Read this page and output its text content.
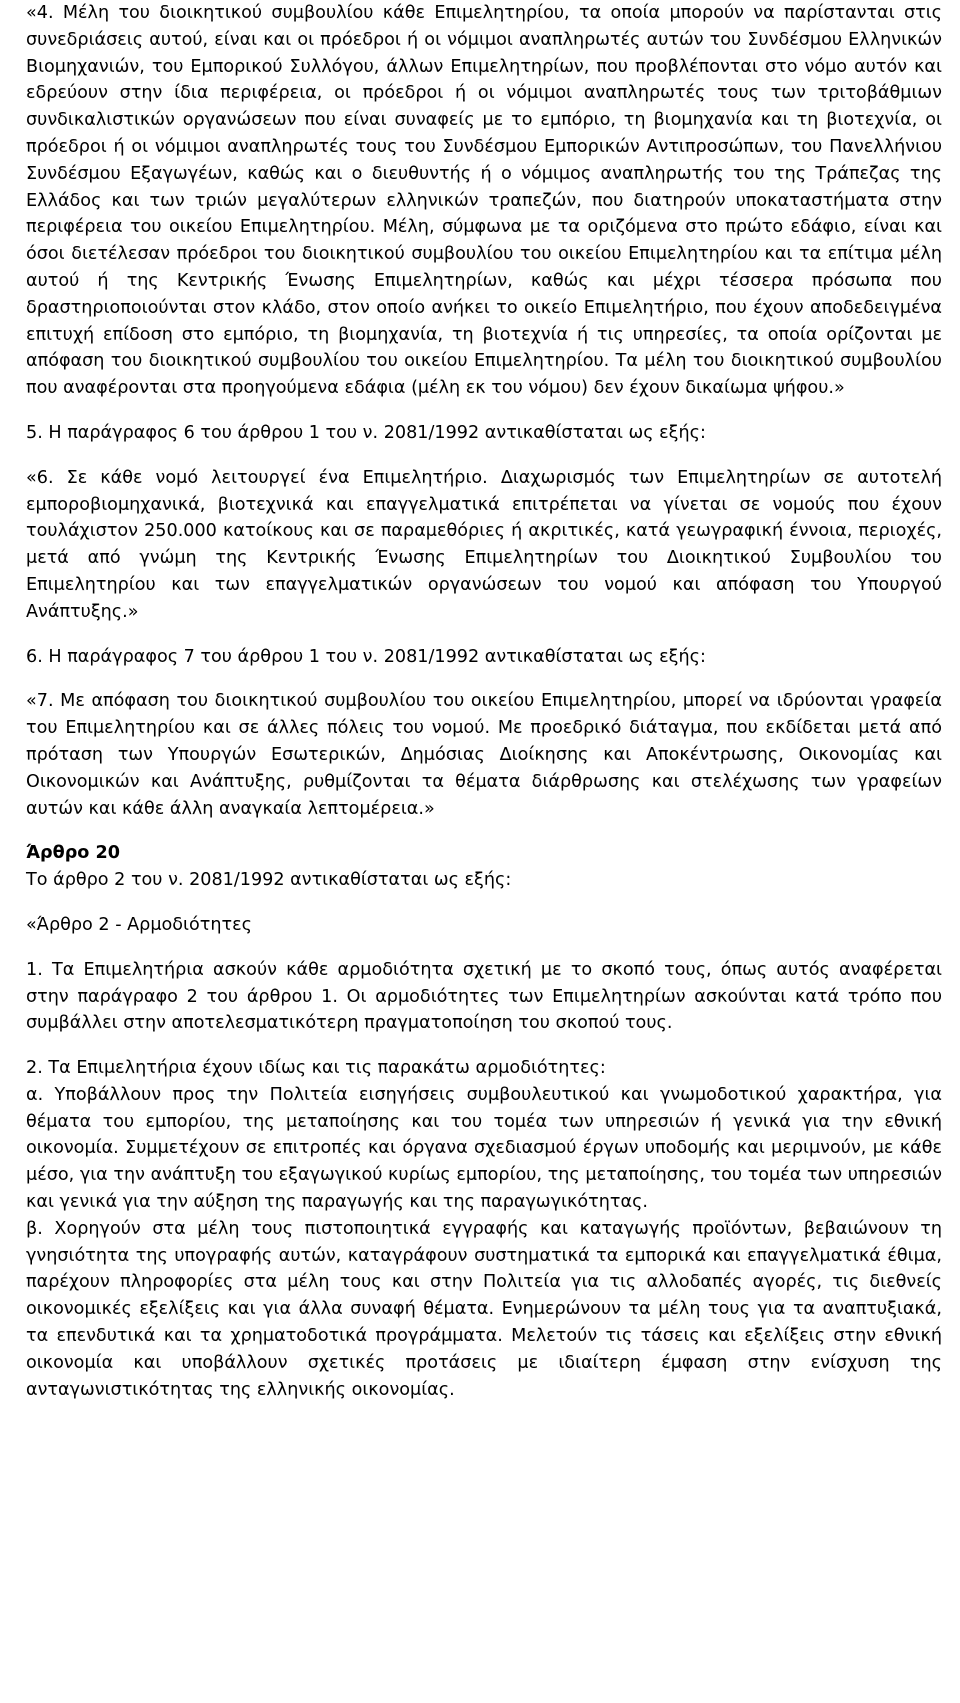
«4. Μέλη του διοικητικού συμβουλίου κάθε Επιμελητηρίου, τα οποία μπορούν να παρίστανται στις συνεδριάσεις αυτού, είναι και οι πρόεδροι ή οι νόμιμοι αναπληρωτές αυτών του Συνδέσμου Ελληνικών Βιομηχανιών, του Εμπορικού Συλλόγου, άλλων Επιμελητηρίων, που προβλέπονται στο νόμο αυτόν και εδρεύουν στην ίδια περιφέρεια, οι πρόεδροι ή οι νόμιμοι αναπληρωτές τους των τριτοβάθμιων συνδικαλιστικών οργανώσεων που είναι συναφείς με το εμπόριο, τη βιομηχανία και τη βιοτεχνία, οι πρόεδροι ή οι νόμιμοι αναπληρωτές τους του Συνδέσμου Εμπορικών Αντιπροσώπων, του Πανελλήνιου Συνδέσμου Εξαγωγέων, καθώς και ο διευθυντής ή ο νόμιμος αναπληρωτής του της Τράπεζας της Ελλάδος και των τριών μεγαλύτερων ελληνικών τραπεζών, που διατηρούν υποκαταστήματα στην περιφέρεια του οικείου Επιμελητηρίου. Μέλη, σύμφωνα με τα οριζόμενα στο πρώτο εδάφιο, είναι και όσοι διετέλεσαν πρόεδροι του διοικητικού συμβουλίου του οικείου Επιμελητηρίου και τα επίτιμα μέλη αυτού ή της Κεντρικής Ένωσης Επιμελητηρίων, καθώς και μέχρι τέσσερα πρόσωπα που δραστηριοποιούνται στον κλάδο, στον οποίο ανήκει το οικείο Επιμελητήριο, που έχουν αποδεδειγμένα επιτυχή επίδοση στο εμπόριο, τη βιομηχανία, τη βιοτεχνία ή τις υπηρεσίες, τα οποία ορίζονται με απόφαση του διοικητικού συμβουλίου του οικείου Επιμελητηρίου. Τα μέλη του διοικητικού συμβουλίου που αναφέρονται στα προηγούμενα εδάφια (μέλη εκ του νόμου) δεν έχουν δικαίωμα ψήφου.»

5. Η παράγραφος 6 του άρθρου 1 του ν. 2081/1992 αντικαθίσταται ως εξής:

«6. Σε κάθε νομό λειτουργεί ένα Επιμελητήριο. Διαχωρισμός των Επιμελητηρίων σε αυτοτελή εμποροβιομηχανικά, βιοτεχνικά και επαγγελματικά επιτρέπεται να γίνεται σε νομούς που έχουν τουλάχιστον 250.000 κατοίκους και σε παραμεθόριες ή ακριτικές, κατά γεωγραφική έννοια, περιοχές, μετά από γνώμη της Κεντρικής Ένωσης Επιμελητηρίων του Διοικητικού Συμβουλίου του Επιμελητηρίου και των επαγγελματικών οργανώσεων του νομού και απόφαση του Υπουργού Ανάπτυξης.»

6. Η παράγραφος 7 του άρθρου 1 του ν. 2081/1992 αντικαθίσταται ως εξής:

«7. Με απόφαση του διοικητικού συμβουλίου του οικείου Επιμελητηρίου, μπορεί να ιδρύονται γραφεία του Επιμελητηρίου και σε άλλες πόλεις του νομού. Με προεδρικό διάταγμα, που εκδίδεται μετά από πρόταση των Υπουργών Εσωτερικών, Δημόσιας Διοίκησης και Αποκέντρωσης, Οικονομίας και Οικονομικών και Ανάπτυξης, ρυθμίζονται τα θέματα διάρθρωσης και στελέχωσης των γραφείων αυτών και κάθε άλλη αναγκαία λεπτομέρεια.»

Άρθρο 20

Το άρθρο 2 του ν. 2081/1992 αντικαθίσταται ως εξής:

«Άρθρο 2 - Αρμοδιότητες

1. Τα Επιμελητήρια ασκούν κάθε αρμοδιότητα σχετική με το σκοπό τους, όπως αυτός αναφέρεται στην παράγραφο 2 του άρθρου 1. Οι αρμοδιότητες των Επιμελητηρίων ασκούνται κατά τρόπο που συμβάλλει στην αποτελεσματικότερη πραγματοποίηση του σκοπού τους.

2. Τα Επιμελητήρια έχουν ιδίως και τις παρακάτω αρμοδιότητες:

α. Υποβάλλουν προς την Πολιτεία εισηγήσεις συμβουλευτικού και γνωμοδοτικού χαρακτήρα, για θέματα του εμπορίου, της μεταποίησης και του τομέα των υπηρεσιών ή γενικά για την εθνική οικονομία. Συμμετέχουν σε επιτροπές και όργανα σχεδιασμού έργων υποδομής και μεριμνούν, με κάθε μέσο, για την ανάπτυξη του εξαγωγικού κυρίως εμπορίου, της μεταποίησης, του τομέα των υπηρεσιών και γενικά για την αύξηση της παραγωγής και της παραγωγικότητας.

β. Χορηγούν στα μέλη τους πιστοποιητικά εγγραφής και καταγωγής προϊόντων, βεβαιώνουν τη γνησιότητα της υπογραφής αυτών, καταγράφουν συστηματικά τα εμπορικά και επαγγελματικά έθιμα, παρέχουν πληροφορίες στα μέλη τους και στην Πολιτεία για τις αλλοδαπές αγορές, τις διεθνείς οικονομικές εξελίξεις και για άλλα συναφή θέματα. Ενημερώνουν τα μέλη τους για τα αναπτυξιακά, τα επενδυτικά και τα χρηματοδοτικά προγράμματα. Μελετούν τις τάσεις και εξελίξεις στην εθνική οικονομία και υποβάλλουν σχετικές προτάσεις με ιδιαίτερη έμφαση στην ενίσχυση της ανταγωνιστικότητας της ελληνικής οικονομίας.
